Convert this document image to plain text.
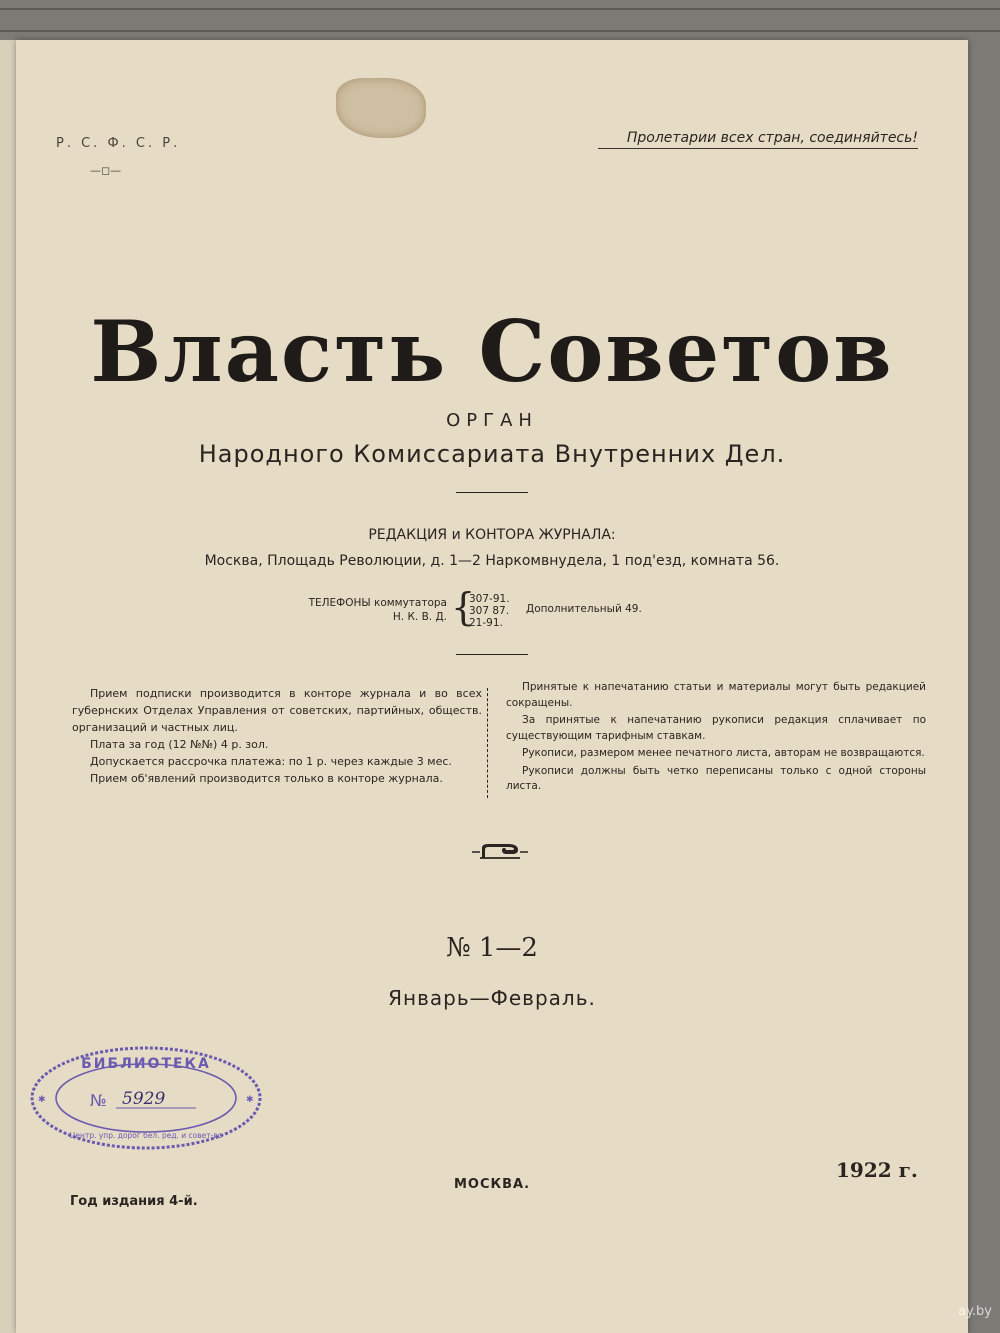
Р. С. Ф. С. Р.
—◻—
Пролетарии всех стран, соединяйтесь!
Власть Советов
ОРГАН
Народного Комиссариата Внутренних Дел.
РЕДАКЦИЯ и КОНТОРА ЖУРНАЛА:
Москва, Площадь Революции, д. 1—2 Наркомвнудела, 1 под'езд, комната 56.
ТЕЛЕФОНЫ коммутатора
Н. К. В. Д. {
307-91.
307 87.
21-91.
Дополнительный 49.

Прием подписки производится в конторе журнала и во всех губернских Отделах Управления от советских, партийных, обществ. организаций и частных лиц.

Плата за год (12 №№) 4 р. зол.

Допускается рассрочка платежа: по 1 р. через каждые 3 мес.

Прием об'явлений производится только в конторе журнала.

Принятые к напечатанию статьи и материалы могут быть редакцией сокращены.

За принятые к напечатанию рукописи редакция сплачивает по существующим тарифным ставкам.

Рукописи, размером менее печатного листа, авторам не возвращаются.

Рукописи должны быть четко переписаны только с одной стороны листа.

№ 1—2
Январь—Февраль.
БИБЛИОТЕКА
№ 5929
Центр. упр. дорог бел. ред. и совет-во
✱	✱
Год издания 4-й.
МОСКВА.
1922 г.
ay.by
